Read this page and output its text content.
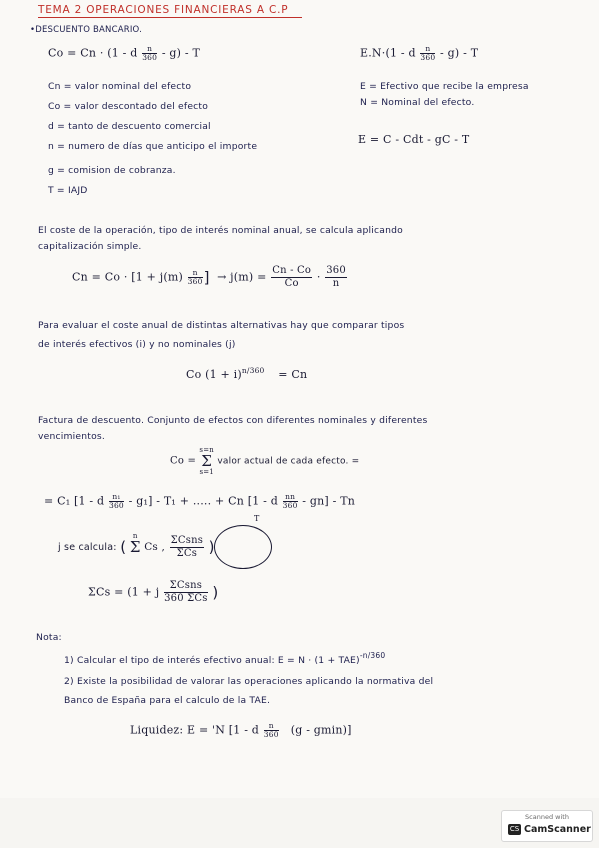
TEMA 2 OPERACIONES FINANCIERAS A C.P
•DESCUENTO BANCARIO.
Co = Cn · (1 - d $\frac{n}{360} - g$) - T	E.N·(1 - d $\frac{n}{360} - g$) - T
Cn = valor nominal del efecto
Co = valor descontado del efecto
d = tanto de descuento comercial
n = numero de días que anticipo el importe
g = comision de cobranza.
T = IAJD
E = Efectivo que recibe la empresa
N = Nominal del efecto.
E = C - Cdt - gC - T
El coste de la operación, tipo de interés nominal anual, se calcula aplicando
capitalización simple.
$Cn = Co \cdot [1 + j(m) \frac{n}{360}$ ] → $j(m) = \frac{Cn - Co}{Co} \cdot \frac{360}{n}$
Para evaluar el coste anual de distintas alternativas hay que comparar tipos
de interés efectivos (i) y no nominales (j)
Co $(1 + i)^{n/360} = Cn$
Factura de descuento. Conjunto de efectos con diferentes nominales y diferentes
vencimientos.
Co = s=n
Σ
s=1 valor actual de cada efecto. =
= C₁ [1 - d $\frac{\text{n₁}}{360} - g_1] - T_1$ + ..... + Cn [1 - d $\frac{nn}{360} - gn$] - Tn
T
j se calcula: ( n
Σ Cs , $\frac{\text{ΣCsns}}{\text{ΣCs}}$ )
ΣCs = (1 + j $\frac{\text{ΣCsns}}{\text{360 ΣCs}}$ )
Nota:
1) Calcular el tipo de interés efectivo anual: E = N · (1 + TAE)$^{-n/360}$
2) Existe la posibilidad de valorar las operaciones aplicando la normativa del
Banco de España para el calculo de la TAE.
Liquidez: E = 'N [1 - d $\frac{n}{360} (g - gmin)$]
Scanned with
CS CamScanner
